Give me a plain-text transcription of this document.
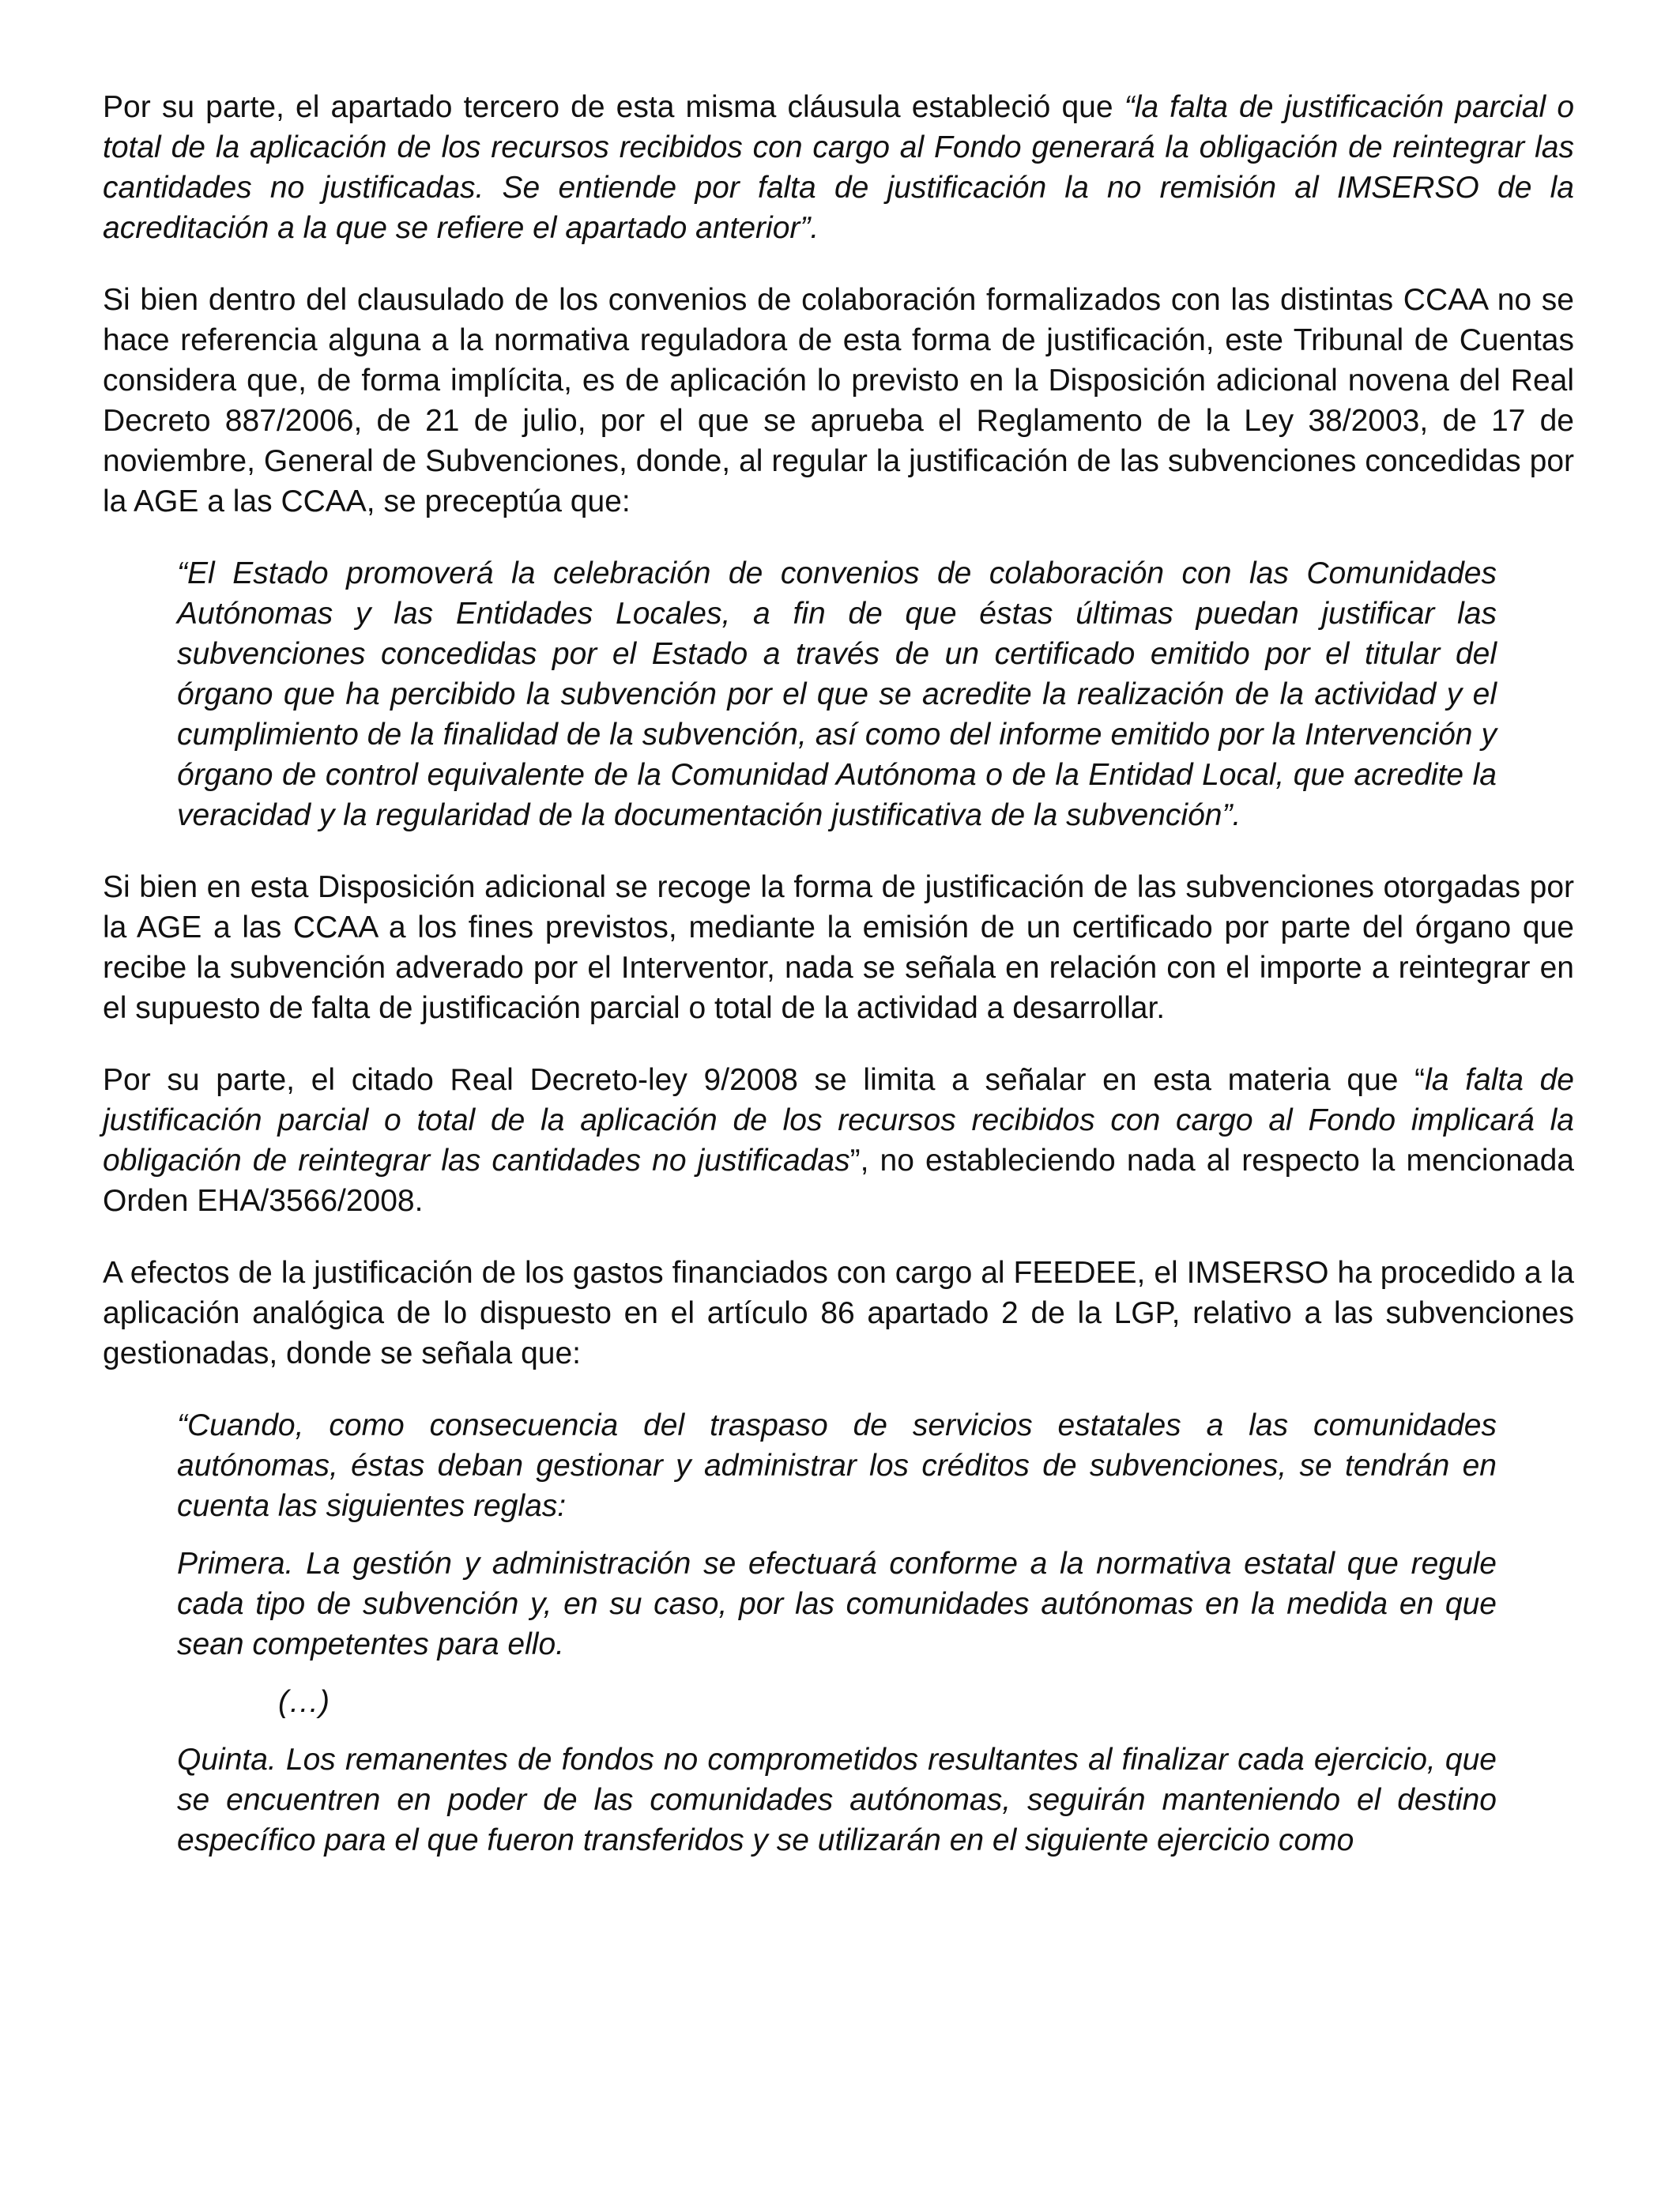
Por su parte, el apartado tercero de esta misma cláusula estableció que “la falta de justificación parcial o total de la aplicación de los recursos recibidos con cargo al Fondo generará la obligación de reintegrar las cantidades no justificadas. Se entiende por falta de justificación la no remisión al IMSERSO de la acreditación a la que se refiere el apartado anterior”.

Si bien dentro del clausulado de los convenios de colaboración formalizados con las distintas CCAA no se hace referencia alguna a la normativa reguladora de esta forma de justificación, este Tribunal de Cuentas considera que, de forma implícita, es de aplicación lo previsto en la Disposición adicional novena del Real Decreto 887/2006, de 21 de julio, por el que se aprueba el Reglamento de la Ley 38/2003, de 17 de noviembre, General de Subvenciones, donde, al regular la justificación de las subvenciones concedidas por la AGE a las CCAA, se preceptúa que:

“El Estado promoverá la celebración de convenios de colaboración con las Comunidades Autónomas y las Entidades Locales, a fin de que éstas últimas puedan justificar las subvenciones concedidas por el Estado a través de un certificado emitido por el titular del órgano que ha percibido la subvención por el que se acredite la realización de la actividad y el cumplimiento de la finalidad de la subvención, así como del informe emitido por la Intervención y órgano de control equivalente de la Comunidad Autónoma o de la Entidad Local, que acredite la veracidad y la regularidad de la documentación justificativa de la subvención”.

Si bien en esta Disposición adicional se recoge la forma de justificación de las subvenciones otorgadas por la AGE a las CCAA a los fines previstos, mediante la emisión de un certificado por parte del órgano que recibe la subvención adverado por el Interventor, nada se señala en relación con el importe a reintegrar en el supuesto de falta de justificación parcial o total de la actividad a desarrollar.

Por su parte, el citado Real Decreto-ley 9/2008 se limita a señalar en esta materia que “la falta de justificación parcial o total de la aplicación de los recursos recibidos con cargo al Fondo implicará la obligación de reintegrar las cantidades no justificadas”, no estableciendo nada al respecto la mencionada Orden EHA/3566/2008.

A efectos de la justificación de los gastos financiados con cargo al FEEDEE, el IMSERSO ha procedido a la aplicación analógica de lo dispuesto en el artículo 86 apartado 2 de la LGP, relativo a las subvenciones gestionadas, donde se señala que:

“Cuando, como consecuencia del traspaso de servicios estatales a las comunidades autónomas, éstas deban gestionar y administrar los créditos de subvenciones, se tendrán en cuenta las siguientes reglas:

Primera. La gestión y administración se efectuará conforme a la normativa estatal que regule cada tipo de subvención y, en su caso, por las comunidades autónomas en la medida en que sean competentes para ello.

(…)

Quinta. Los remanentes de fondos no comprometidos resultantes al finalizar cada ejercicio, que se encuentren en poder de las comunidades autónomas, seguirán manteniendo el destino específico para el que fueron transferidos y se utilizarán en el siguiente ejercicio como
